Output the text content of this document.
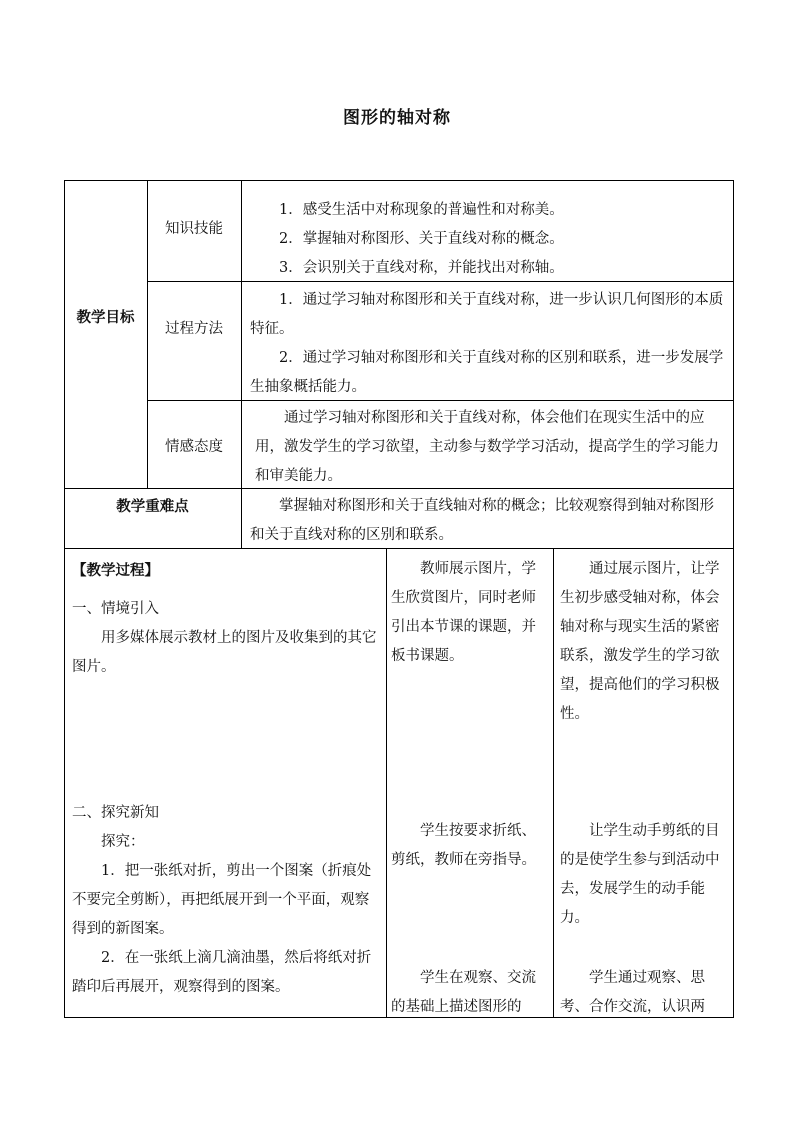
图形的轴对称
教学目标
知识技能
过程方法
情感态度

1．感受生活中对称现象的普遍性和对称美。

2．掌握轴对称图形、关于直线对称的概念。

3．会识别关于直线对称，并能找出对称轴。

1．通过学习轴对称图形和关于直线对称，进一步认识几何图形的本质特征。

2．通过学习轴对称图形和关于直线对称的区别和联系，进一步发展学生抽象概括能力。

通过学习轴对称图形和关于直线对称，体会他们在现实生活中的应用，激发学生的学习欲望，主动参与数学学习活动，提高学生的学习能力和审美能力。

教学重难点	掌握轴对称图形和关于直线轴对称的概念；比较观察得到轴对称图形和关于直线对称的区别和联系。

【教学过程】
一、情境引入

用多媒体展示教材上的图片及收集到的其它图片。

二、探究新知

探究：

1．把一张纸对折，剪出一个图案（折痕处不要完全剪断），再把纸展开到一个平面，观察得到的新图案。

2．在一张纸上滴几滴油墨，然后将纸对折踏印后再展开，观察得到的图案。

教师展示图片，学生欣赏图片，同时老师引出本节课的课题，并板书课题。

学生按要求折纸、剪纸，教师在旁指导。

学生在观察、交流的基础上描述图形的

通过展示图片，让学生初步感受轴对称，体会轴对称与现实生活的紧密联系，激发学生的学习欲望，提高他们的学习积极性。

让学生动手剪纸的目的是使学生参与到活动中去，发展学生的动手能力。

学生通过观察、思考、合作交流，认识两
